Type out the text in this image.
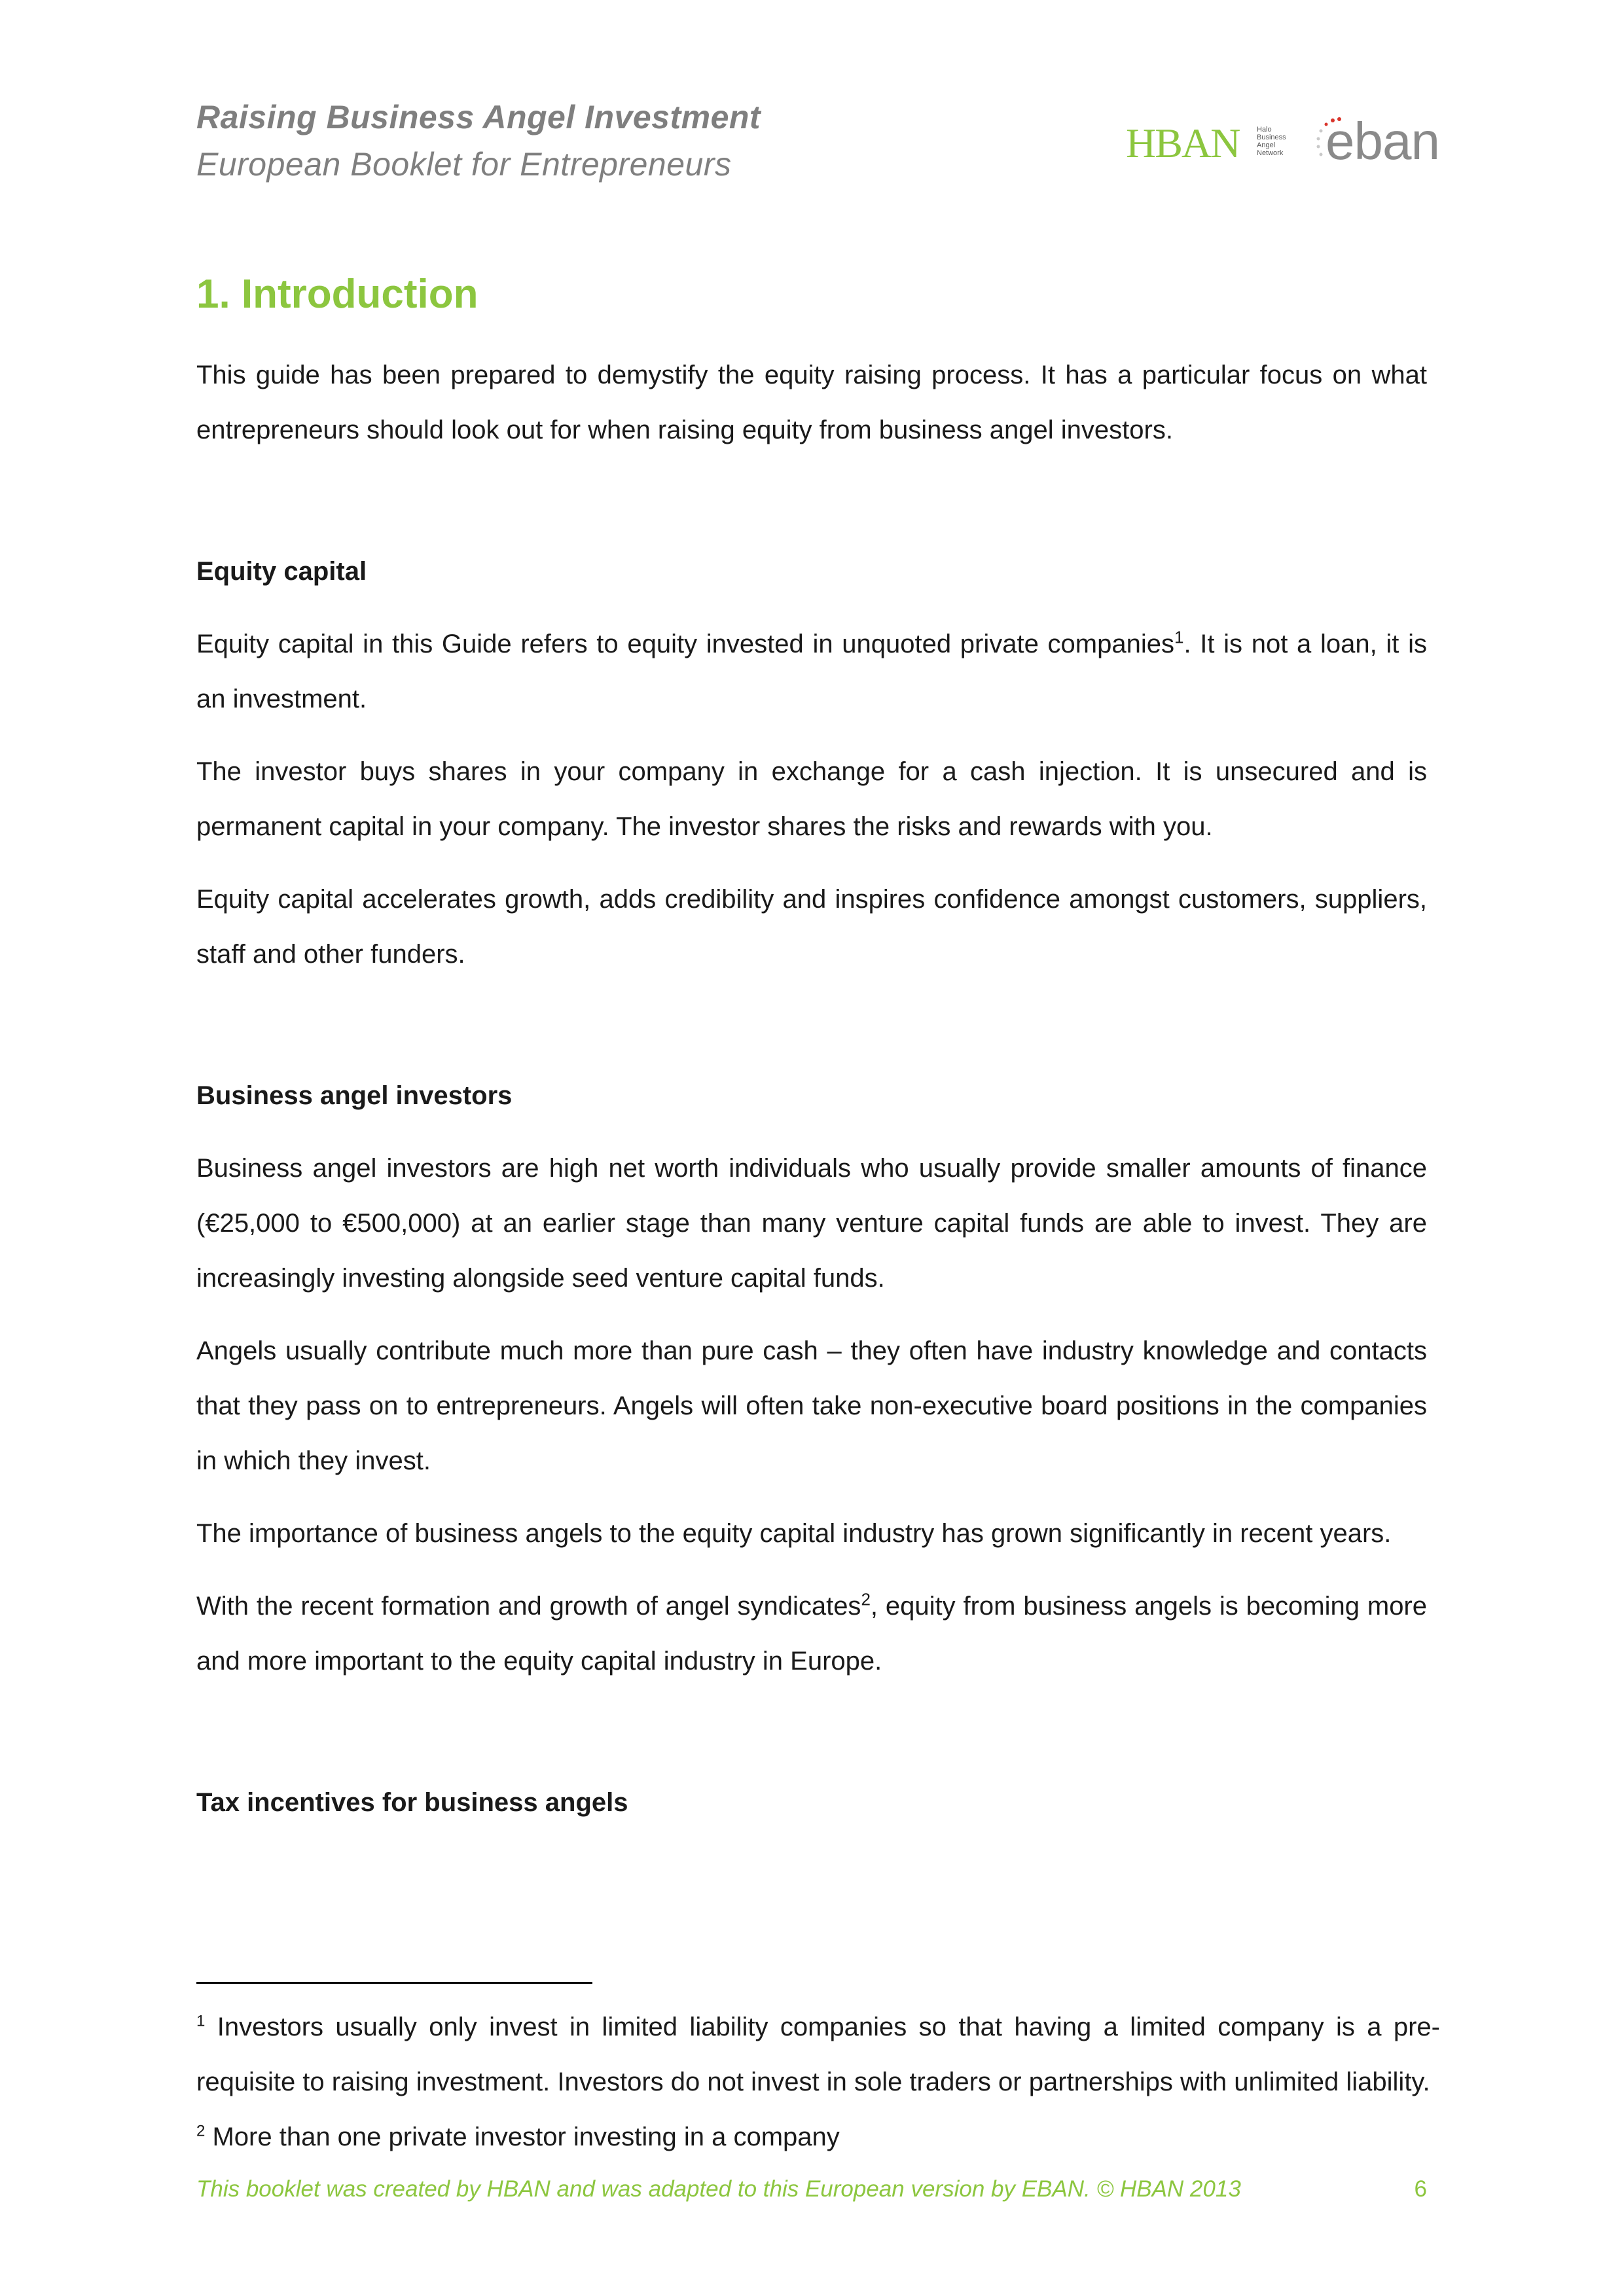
Raising Business Angel Investment
European Booklet for Entrepreneurs	HBAN Halo Business Angel Network eban
1. Introduction

This guide has been prepared to demystify the equity raising process. It has a particular focus on what entrepreneurs should look out for when raising equity from business angel investors.

Equity capital

Equity capital in this Guide refers to equity invested in unquoted private companies$^1$. It is not a loan, it is an investment.

The investor buys shares in your company in exchange for a cash injection. It is unsecured and is permanent capital in your company. The investor shares the risks and rewards with you.

Equity capital accelerates growth, adds credibility and inspires confidence amongst customers, suppliers, staff and other funders.

Business angel investors

Business angel investors are high net worth individuals who usually provide smaller amounts of finance (€25,000 to €500,000) at an earlier stage than many venture capital funds are able to invest. They are increasingly investing alongside seed venture capital funds.

Angels usually contribute much more than pure cash – they often have industry knowledge and contacts that they pass on to entrepreneurs. Angels will often take non-executive board positions in the companies in which they invest.

The importance of business angels to the equity capital industry has grown significantly in recent years.

With the recent formation and growth of angel syndicates$^2$, equity from business angels is becoming more and more important to the equity capital industry in Europe.

Tax incentives for business angels

$^1$ Investors usually only invest in limited liability companies so that having a limited company is a pre-requisite to raising investment. Investors do not invest in sole traders or partnerships with unlimited liability.

$^2$ More than one private investor investing in a company

This booklet was created by HBAN and was adapted to this European version by EBAN. © HBAN 2013	6
